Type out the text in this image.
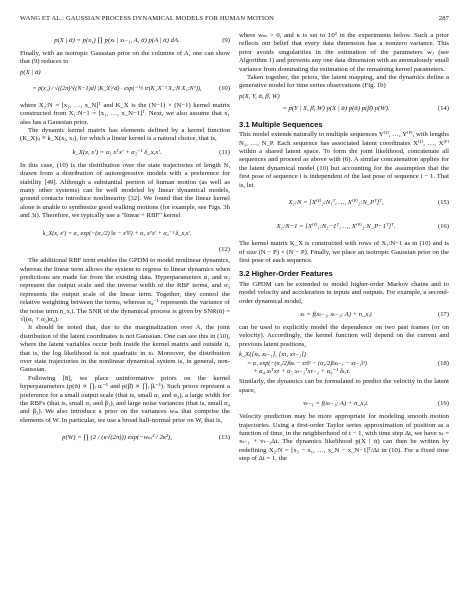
WANG ET AL.: GAUSSIAN PROCESS DYNAMICAL MODELS FOR HUMAN MOTION	287
p(X | ᾱ) = p(x₁) ∏ p(xₜ | xₜ₋₁, A, ᾱ) p(A | ᾱ) dA.	(9)

Finally, with an isotropic Gaussian prior on the columns of A, one can show that (9) reduces to

p(X | ᾱ)
= p(x₁) / √((2π)^{(N−1)d} |K_X|^d) · exp(−½ tr(K_X⁻¹ X₂:N X₂:Nᵀ)),	(10)

where X₂:N = [x₂, …, x_N]ᵀ and K_X is the (N−1) × (N−1) kernel matrix constructed from X₁:N−1 = [x₁, …, x_N−1]ᵀ. Next, we also assume that x₁ also has a Gaussian prior.

The dynamic kernel matrix has elements defined by a kernel function (K_X)ᵢⱼ ≡ k_X(xᵢ, xⱼ), for which a linear kernel is a natural choice, that is,

k_X(x, x′) = α₁ xᵀx′ + α₂⁻¹ δ_x,x′.	(11)

In this case, (10) is the distribution over the state trajectories of length N, drawn from a distribution of autoregressive models with a preference for stability [49]. Although a substantial portion of human motion (as well as many other systems) can be well modeled by linear dynamical models, ground contacts introduce nonlinearity [32]. We found that the linear kernel alone is unable to synthesize good walking motions (for example, see Figs. 3h and 3i). Therefore, we typically use a "linear + RBF" kernel

k_X(x, x′) = α₁ exp(−(α₂/2) ‖x − x′‖²) + α₃ xᵀx′ + α₄⁻¹ δ_x,x′.
(12)

The additional RBF term enables the GPDM to model nonlinear dynamics, whereas the linear term allows the system to regress to linear dynamics when predictions are made far from the existing data. Hyperparameters α₁ and α₂ represent the output scale and the inverse width of the RBF terms, and α₃ represents the output scale of the linear term. Together, they control the relative weighting between the terms, whereas α₄⁻¹ represents the variance of the noise term n_x,t. The SNR of the dynamical process is given by SNR(ᾱ) = √((α₁ + α₃)α₄).

It should be noted that, due to the marginalization over A, the joint distribution of the latent coordinates is not Gaussian. One can see this in (10), where the latent variables occur both inside the kernel matrix and outside it, that is, the log likelihood is not quadratic in xₜ. Moreover, the distribution over state trajectories in the nonlinear dynamical system is, in general, non-Gaussian.

Following [8], we place uninformative priors on the kernel hyperparameters (p(ᾱ) ∝ ∏ᵢ αᵢ⁻¹ and p(β̄) ∝ ∏ᵢ βᵢ⁻¹). Such priors represent a preference for a small output scale (that is, small α₁ and α₃), a large width for the RBFs (that is, small α₂ and β₁), and large noise variances (that is, small α₄ and β₂). We also introduce a prior on the variances wₘ that comprise the elements of W. In particular, we use a broad half-normal prior on W, that is,

p(W) = ∏ (2 / (κ√(2π))) exp(−wₘ² / 2κ²),	(13)

where wₘ > 0, and κ is set to 10³ in the experiments below. Such a prior reflects our belief that every data dimension has a nonzero variance. This prior avoids singularities in the estimation of the parameters wⱼ (see Algorithm 1) and prevents any one data dimension with an anomalously small variance from dominating the estimation of the remaining kernel parameters.

Taken together, the priors, the latent mapping, and the dynamics define a generative model for time series observations (Fig. 1b)

p(X, Y, ᾱ, β̄, W)
= p(Y | X, β̄, W) p(X | ᾱ) p(ᾱ) p(β̄) p(W).	(14)
3.1 Multiple Sequences

This model extends naturally to multiple sequences Y⁽¹⁾, …, Y⁽ᴾ⁾, with lengths N₁, …, N_P. Each sequence has associated latent coordinates X⁽¹⁾, …, X⁽ᴾ⁾ within a shared latent space. To form the joint likelihood, concatenate all sequences and proceed as above with (6). A similar concatenation applies for the latent dynamical model (10) but accounting for the assumption that the first pose of sequence i is independent of the last pose of sequence i − 1. That is, let

X₂:N = [X⁽¹⁾₂:N₁ᵀ, …, X⁽ᴾ⁾₂:N_Pᵀ]ᵀ,	(15)
X₁:N−1 = [X⁽¹⁾₁:N₁−1ᵀ, …, X⁽ᴾ⁾₁:N_P−1ᵀ]ᵀ.	(16)

The kernel matrix K_X is constructed with rows of X₁:N−1 as in (10) and is of size (N − P) × (N − P). Finally, we place an isotropic Gaussian prior on the first pose of each sequence.

3.2 Higher-Order Features

The GPDM can be extended to model higher-order Markov chains and to model velocity and acceleration in inputs and outputs. For example, a second-order dynamical model,

xₜ = f(xₜ₋₁, xₜ₋₂; A) + n_x,t	(17)

can be used to explicitly model the dependence on two past frames (or on velocity). Accordingly, the kernel function will depend on the current and previous latent positions,

k_X([xₜ, xₜ₋₁], [xτ, xτ₋₁])
= α₁ exp(−(α₂/2)‖xₜ − xτ‖² − (α₃/2)‖xₜ₋₁ − xτ₋₁‖²)	(18)
+ α₄ xₜᵀxτ + α₅ xₜ₋₁ᵀxτ₋₁ + α₆⁻¹ δₜ,τ.

Similarly, the dynamics can be formulated to predict the velocity in the latent space,

vₜ₋₁ = f(xₜ₋₁; A) + n_x,t.	(19)

Velocity prediction may be more appropriate for modeling smooth motion trajectories. Using a first-order Taylor series approximation of position as a function of time, in the neighborhood of t − 1, with time step Δt, we have xₜ = xₜ₋₁ + vₜ₋₁Δt. The dynamics likelihood p(X | ᾱ) can then be written by redefining X₂:N = [x₂ − x₁, …, x_N − x_N−1]ᵀ/Δt in (10). For a fixed time step of Δt = 1, the
